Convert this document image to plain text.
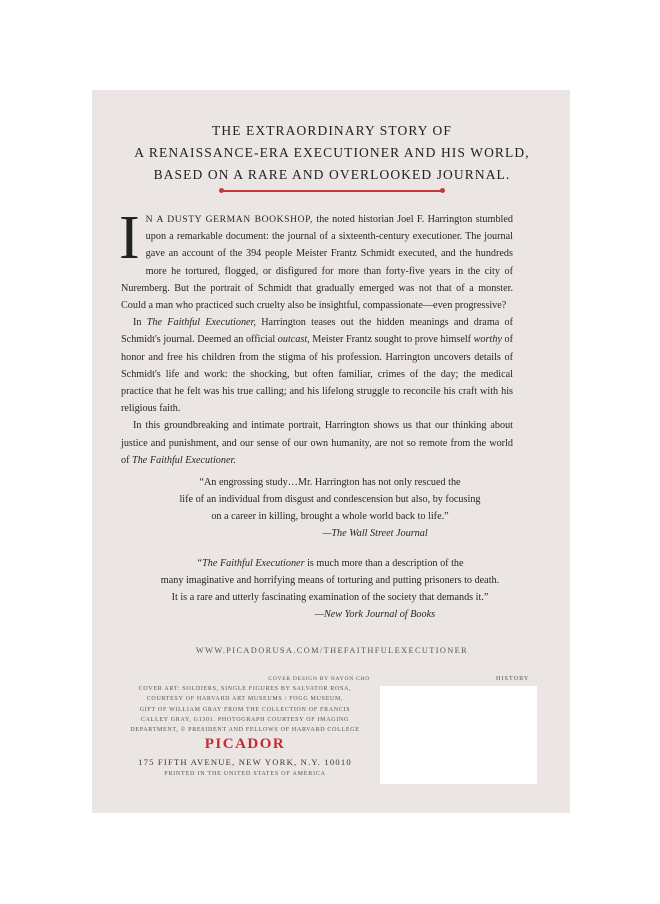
THE EXTRAORDINARY STORY OF
A RENAISSANCE-ERA EXECUTIONER AND HIS WORLD,
BASED ON A RARE AND OVERLOOKED JOURNAL.

I N A DUSTY GERMAN BOOKSHOP, the noted historian Joel F. Harrington stumbled upon a remarkable document: the journal of a sixteenth-century executioner. The journal gave an account of the 394 people Meister Frantz Schmidt executed, and the hundreds more he tortured, flogged, or disfigured for more than forty-five years in the city of Nuremberg. But the portrait of Schmidt that gradually emerged was not that of a monster. Could a man who practiced such cruelty also be insightful, compassionate—even progressive?

In The Faithful Executioner, Harrington teases out the hidden meanings and drama of Schmidt's journal. Deemed an official outcast, Meister Frantz sought to prove himself worthy of honor and free his children from the stigma of his profession. Harrington uncovers details of Schmidt's life and work: the shocking, but often familiar, crimes of the day; the medical practice that he felt was his true calling; and his lifelong struggle to reconcile his craft with his religious faith.

In this groundbreaking and intimate portrait, Harrington shows us that our thinking about justice and punishment, and our sense of our own humanity, are not so remote from the world of The Faithful Executioner.

“An engrossing study…Mr. Harrington has not only rescued the
life of an individual from disgust and condescension but also, by focusing
on a career in killing, brought a whole world back to life.”
—The Wall Street Journal
“The Faithful Executioner is much more than a description of the
many imaginative and horrifying means of torturing and putting prisoners to death.
It is a rare and utterly fascinating examination of the society that demands it.”
—New York Journal of Books
WWW.PICADORUSA.COM/THEFAITHFULEXECUTIONER
COVER DESIGN BY NAYON CHO
COVER ART: SOLDIERS, SINGLE FIGURES BY SALVATOR ROSA,
COURTESY OF HARVARD ART MUSEUMS / FOGG MUSEUM,
GIFT OF WILLIAM GRAY FROM THE COLLECTION OF FRANCIS
CALLEY GRAY, G1301. PHOTOGRAPH COURTESY OF IMAGING
DEPARTMENT, © PRESIDENT AND FELLOWS OF HARVARD COLLEGE
PICADOR
175 FIFTH AVENUE, NEW YORK, N.Y. 10010
PRINTED IN THE UNITED STATES OF AMERICA
HISTORY
